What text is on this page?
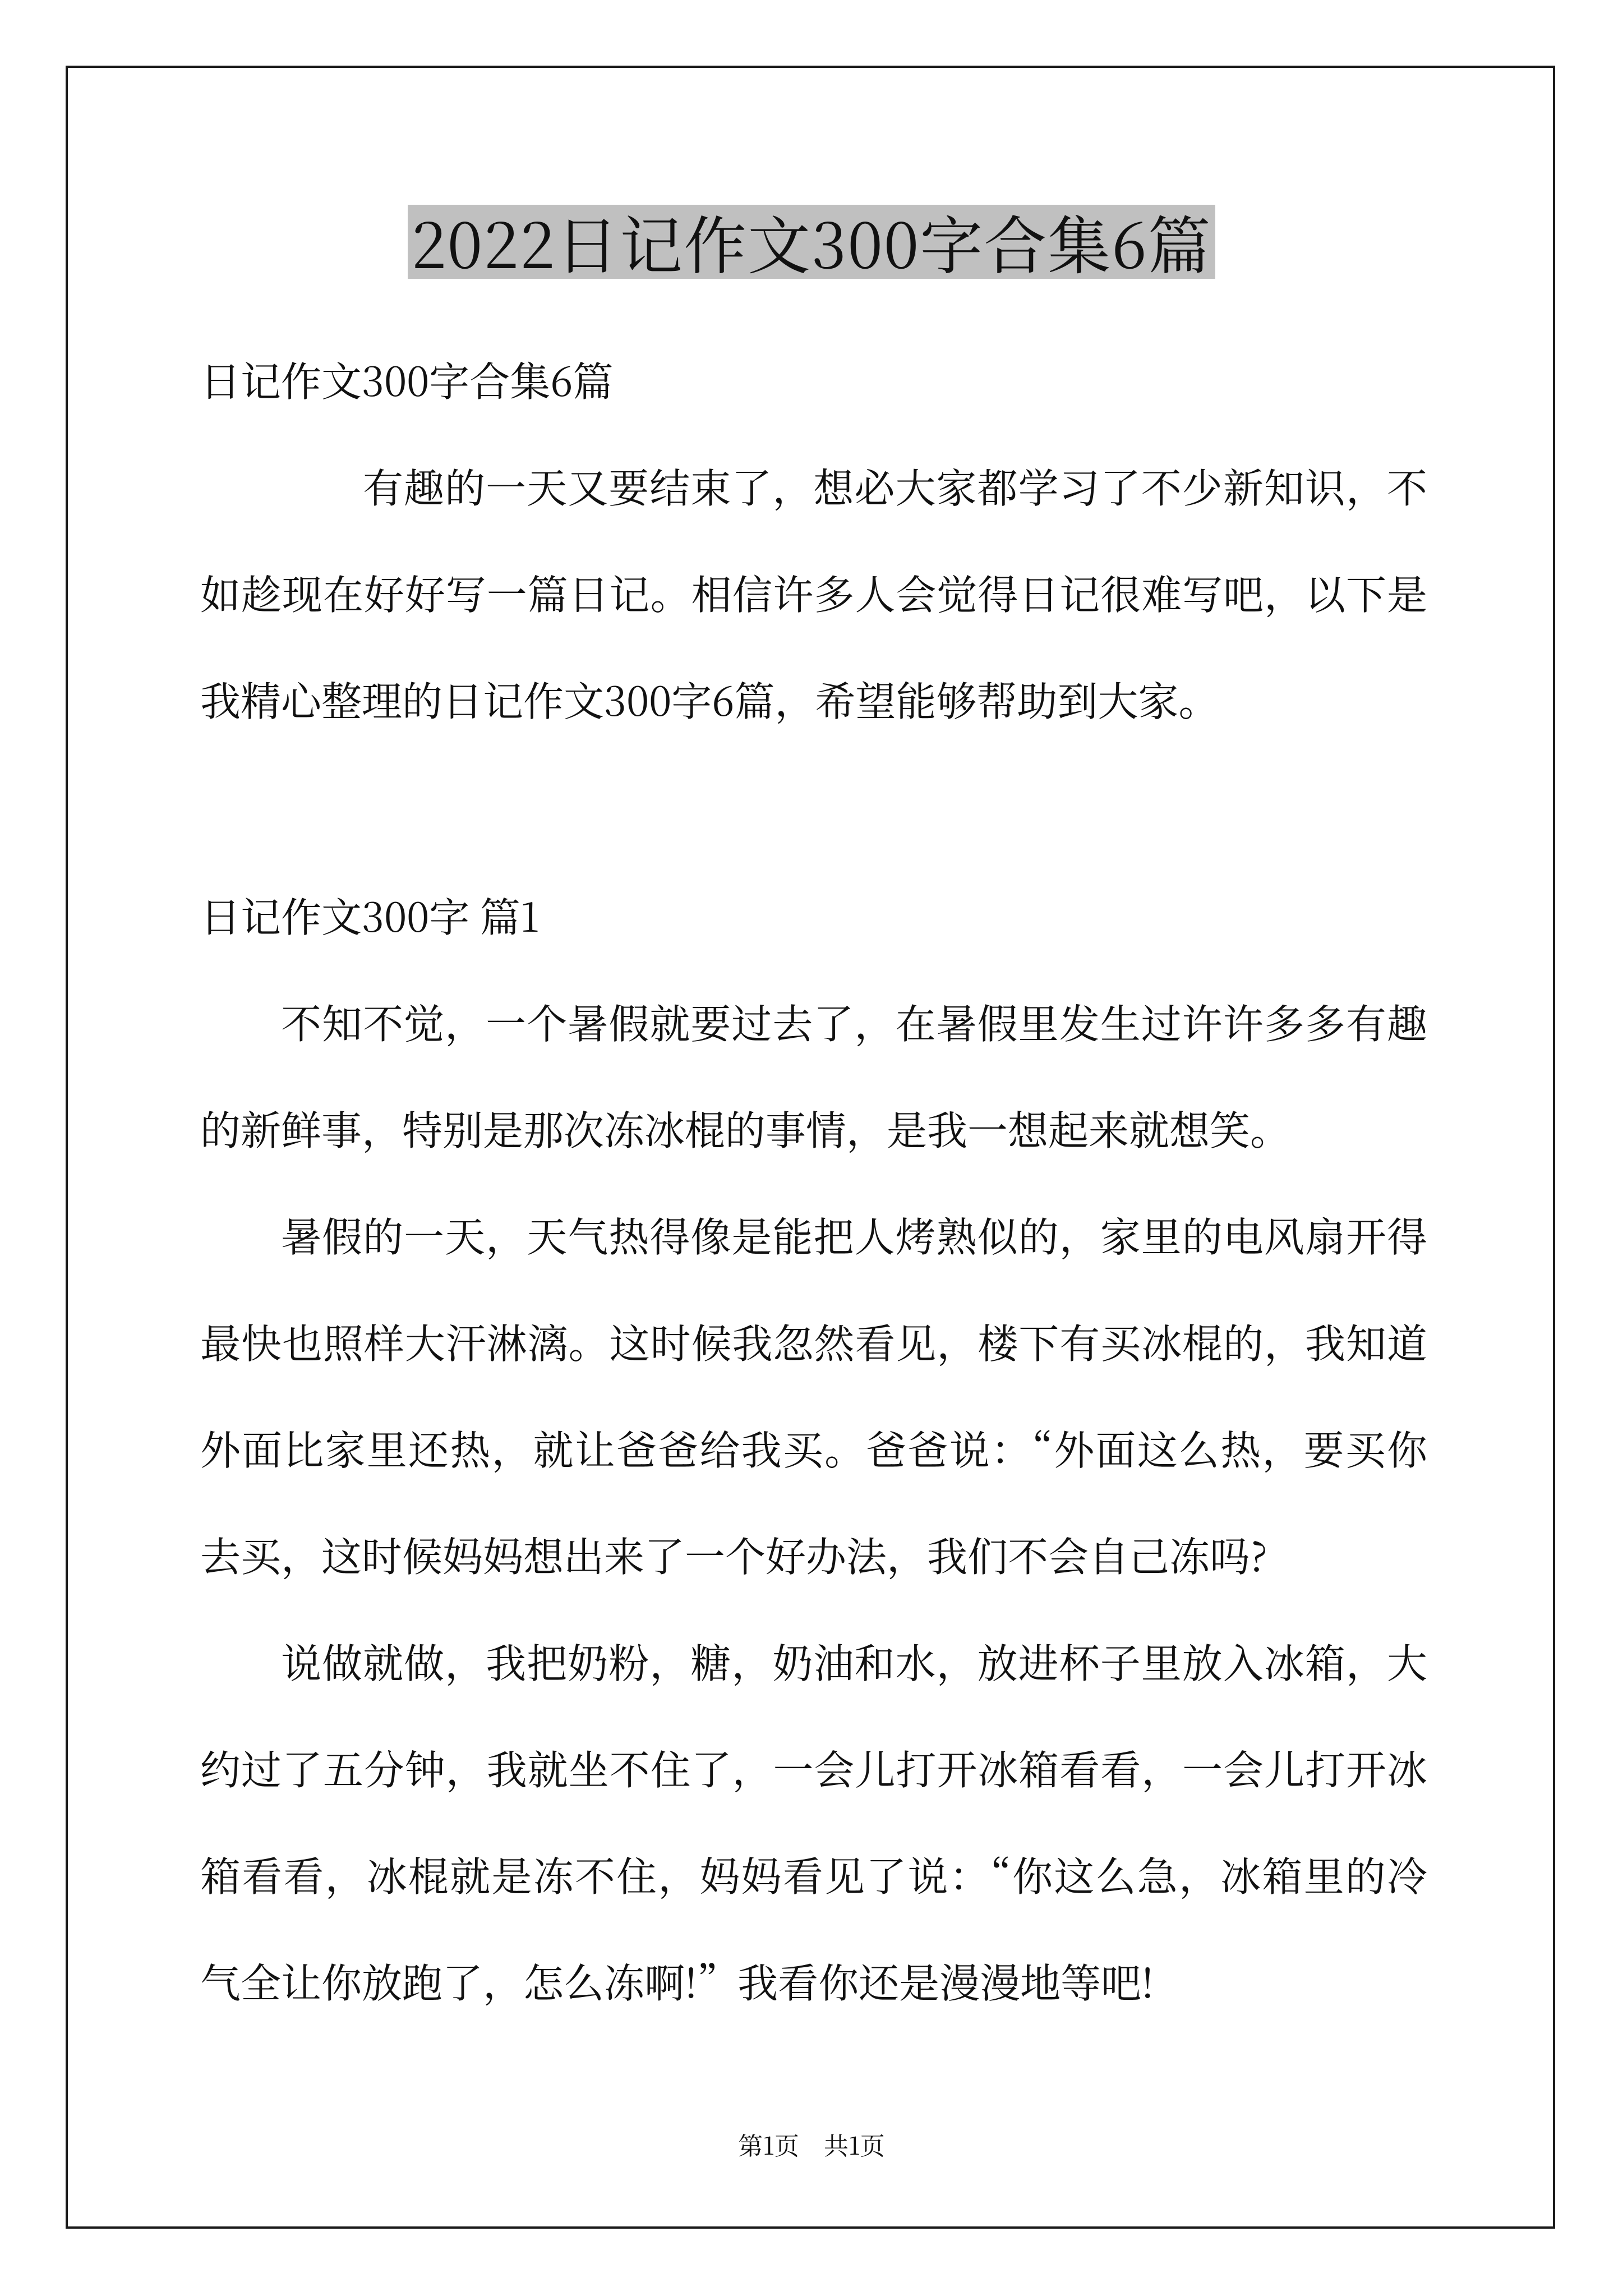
2022日记作文300字合集6篇

日记作文300字合集6篇

有趣的一天又要结束了，想必大家都学习了不少新知识，不如趁现在好好写一篇日记。相信许多人会觉得日记很难写吧，以下是我精心整理的日记作文300字6篇，希望能够帮助到大家。

日记作文300字 篇1

不知不觉，一个暑假就要过去了，在暑假里发生过许许多多有趣的新鲜事，特别是那次冻冰棍的事情，是我一想起来就想笑。

暑假的一天，天气热得像是能把人烤熟似的，家里的电风扇开得最快也照样大汗淋漓。这时候我忽然看见，楼下有买冰棍的，我知道外面比家里还热，就让爸爸给我买。爸爸说：“外面这么热，要买你去买，这时候妈妈想出来了一个好办法，我们不会自己冻吗?

说做就做，我把奶粉，糖，奶油和水，放进杯子里放入冰箱，大约过了五分钟，我就坐不住了，一会儿打开冰箱看看，一会儿打开冰箱看看，冰棍就是冻不住，妈妈看见了说：“你这么急，冰箱里的冷气全让你放跑了，怎么冻啊!”我看你还是漫漫地等吧!

第1页　共1页
